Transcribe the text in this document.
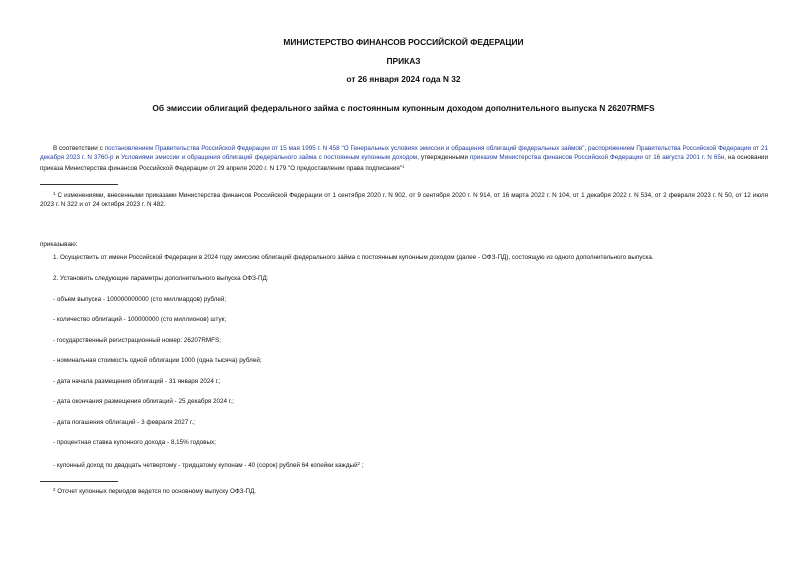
МИНИСТЕРСТВО ФИНАНСОВ РОССИЙСКОЙ ФЕДЕРАЦИИ
ПРИКАЗ
от 26 января 2024 года N 32
Об эмиссии облигаций федерального займа с постоянным купонным доходом дополнительного выпуска N 26207RMFS
В соответствии с постановлением Правительства Российской Федерации от 15 мая 1995 г. N 458 "О Генеральных условиях эмиссии и обращения облигаций федеральных займов", распоряжением Правительства Российской Федерации от 21 декабря 2023 г. N 3760-р и Условиями эмиссии и обращения облигаций федерального займа с постоянным купонным доходом, утвержденными приказом Министерства финансов Российской Федерации от 16 августа 2001 г. N 65н, на основании приказа Министерства финансов Российской Федерации от 29 апреля 2020 г. N 179 "О предоставлении права подписания"$^1$
$^1$ С изменениями, внесенными приказами Министерства финансов Российской Федерации от 1 сентября 2020 г. N 902, от 9 сентября 2020 г. N 914, от 16 марта 2022 г. N 104, от 1 декабря 2022 г. N 534, от 2 февраля 2023 г. N 50, от 12 июля 2023 г. N 322 и от 24 октября 2023 г. N 482.
приказываю:
1. Осуществить от имени Российской Федерации в 2024 году эмиссию облигаций федерального займа с постоянным купонным доходом (далее - ОФЗ-ПД), состоящую из одного дополнительного выпуска.
2. Установить следующие параметры дополнительного выпуска ОФЗ-ПД:
- объем выпуска - 100000000000 (сто миллиардов) рублей;
- количество облигаций - 100000000 (сто миллионов) штук;
- государственный регистрационный номер: 26207RMFS;
- номинальная стоимость одной облигации 1000 (одна тысяча) рублей;
- дата начала размещения облигаций - 31 января 2024 г.;
- дата окончания размещения облигаций - 25 декабря 2024 г.;
- дата погашения облигаций - 3 февраля 2027 г.;
- процентная ставка купонного дохода - 8,15% годовых;
- купонный доход по двадцать четвертому - тридцатому купонам - 40 (сорок) рублей 64 копейки каждый$^2$ ;
$^2$ Отсчет купонных периодов ведется по основному выпуску ОФЗ-ПД.
